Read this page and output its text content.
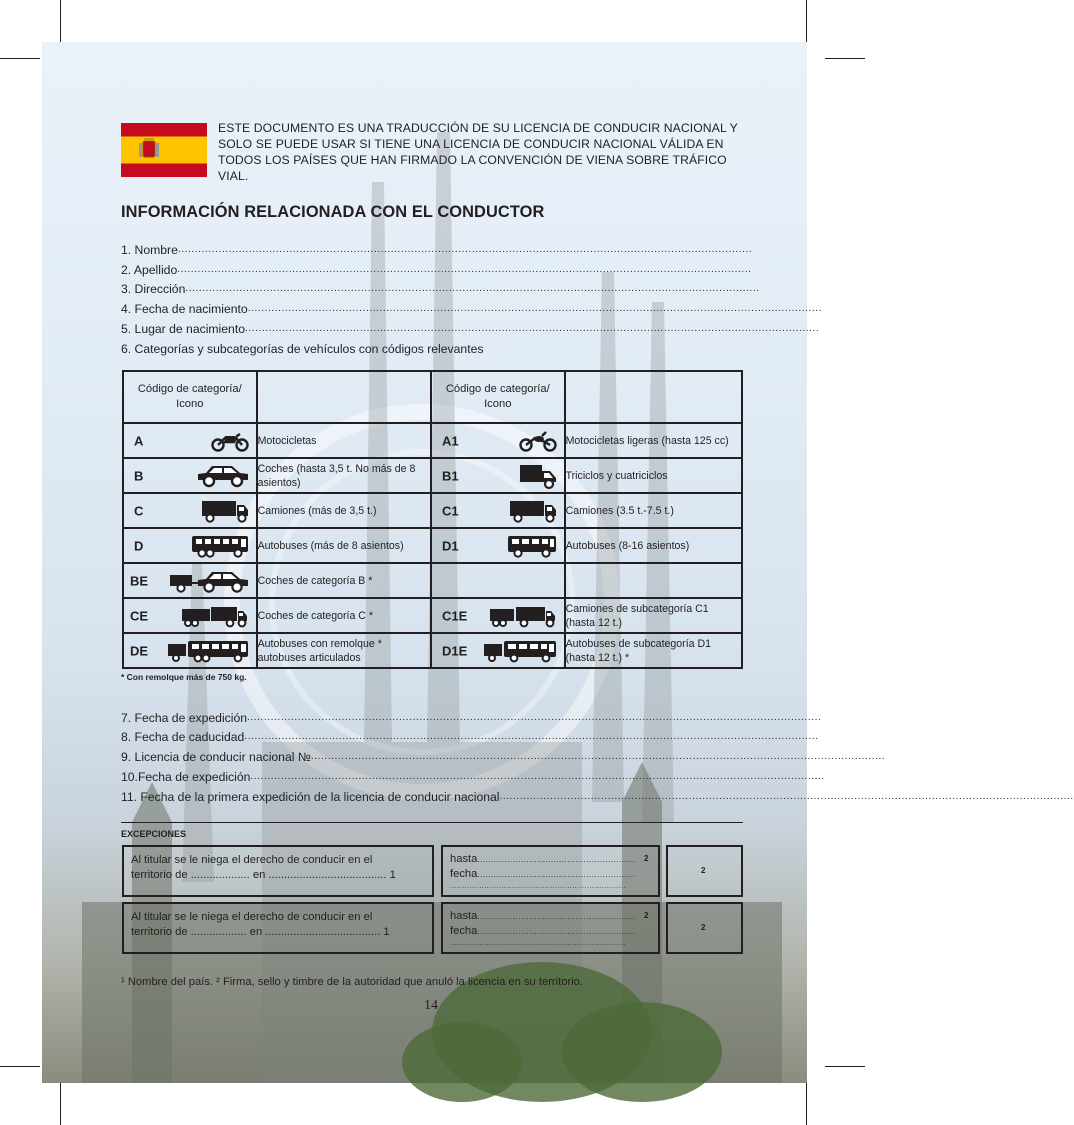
ESTE DOCUMENTO ES UNA TRADUCCIÓN DE SU LICENCIA DE CONDUCIR NACIONAL Y SOLO SE PUEDE USAR SI TIENE UNA LICENCIA DE CONDUCIR NACIONAL VÁLIDA EN TODOS LOS PAÍSES QUE HAN FIRMADO LA CONVENCIÓN DE VIENA SOBRE TRÁFICO VIAL.
INFORMACIÓN RELACIONADA CON EL CONDUCTOR
1. Nombre ..........................................................................................................................................................................
2. Apellido ..........................................................................................................................................................................
3. Dirección ..........................................................................................................................................................................
4. Fecha de nacimiento ..........................................................................................................................................................................
5. Lugar de nacimiento ..........................................................................................................................................................................
6. Categorías y subcategorías de vehículos con códigos relevantes
Código de categoría/ Icono		Código de categoría/ Icono	

A	Motocicletas	A1	Motocicletas ligeras (hasta 125 cc)

B	Coches (hasta 3,5 t. No más de 8 asientos)	B1	Triciclos y cuatriciclos

C	Camiones (más de 3,5 t.)	C1	Camiones (3.5 t.-7.5 t.)

D	Autobuses (más de 8 asientos)	D1	Autobuses (8-16 asientos)

BE	Coches de categoría B *	

CE	Coches de categoría C *	C1E	Camiones de subcategoría C1 (hasta 12 t.)

DE	Autobuses con remolque * autobuses articulados	D1E	Autobuses de subcategoría D1 (hasta 12 t.) *
* Con remolque más de 750 kg.
7. Fecha de expedición ..........................................................................................................................................................................
8. Fecha de caducidad ..........................................................................................................................................................................
9. Licencia de conducir nacional № ..........................................................................................................................................................................
10.Fecha de expedición ..........................................................................................................................................................................
11. Fecha de la primera expedición de la licencia de conducir nacional ..........................................................................................................................................................................
EXCEPCIONES
Al titular se le niega el derecho de conducir en el
territorio de ................... en ...................................... 1
hasta..........................................................
fecha..........................................................
........................................................................
2
2
Al titular se le niega el derecho de conducir en el
territorio de .................. en ..................................... 1
hasta..........................................................
fecha..........................................................
........................................................................
2
2
¹ Nombre del país. ² Firma, sello y timbre de la autoridad que anuló la licencia en su territorio.
14
